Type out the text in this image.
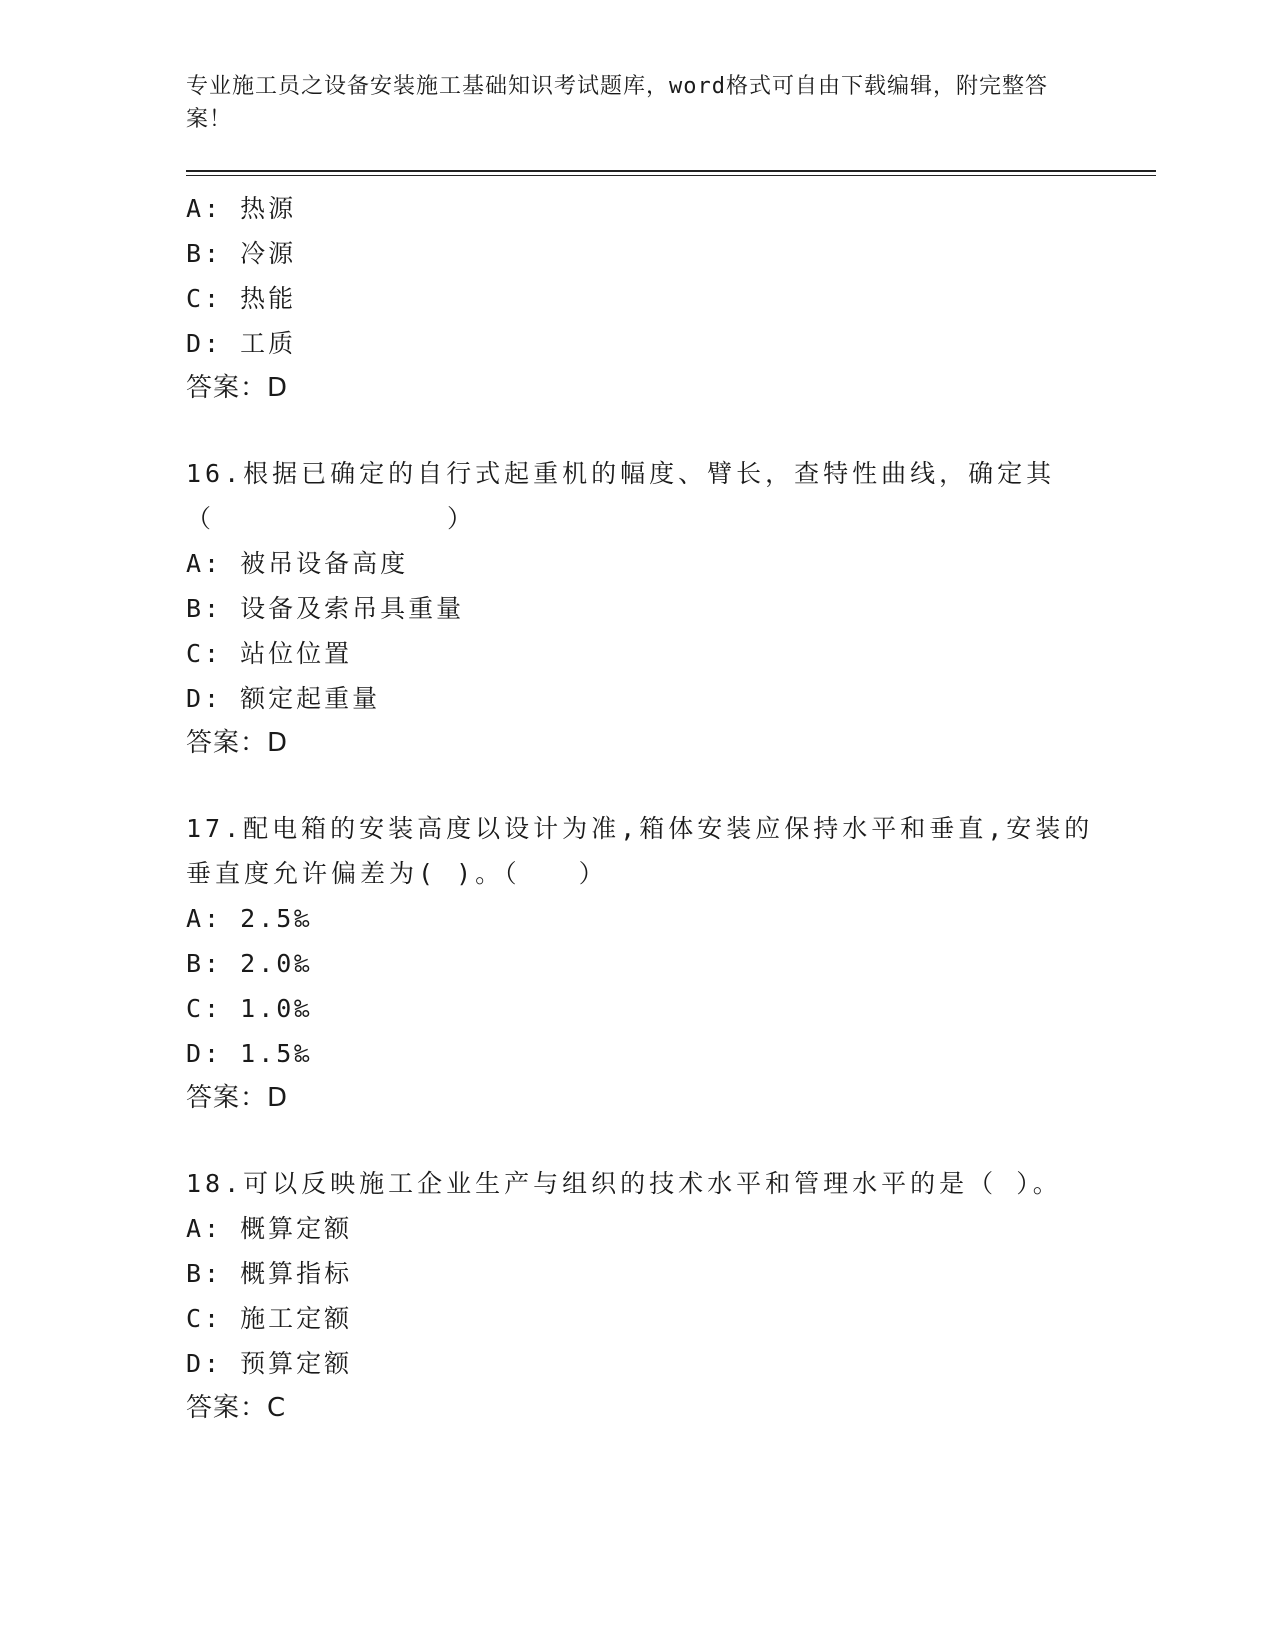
专业施工员之设备安装施工基础知识考试题库，word格式可自由下载编辑，附完整答案！

A: 热源
B: 冷源
C: 热能
D: 工质
答案：D
16.根据已确定的自行式起重机的幅度、臂长，查特性曲线，确定其（　　　　　　　　）
A: 被吊设备高度
B: 设备及索吊具重量
C: 站位位置
D: 额定起重量
答案：D
17.配电箱的安装高度以设计为准,箱体安装应保持水平和垂直,安装的垂直度允许偏差为( )。（　　）
A: 2.5‰
B: 2.0‰
C: 1.0‰
D: 1.5‰
答案：D
18.可以反映施工企业生产与组织的技术水平和管理水平的是（ ）。
A: 概算定额
B: 概算指标
C: 施工定额
D: 预算定额
答案：C
